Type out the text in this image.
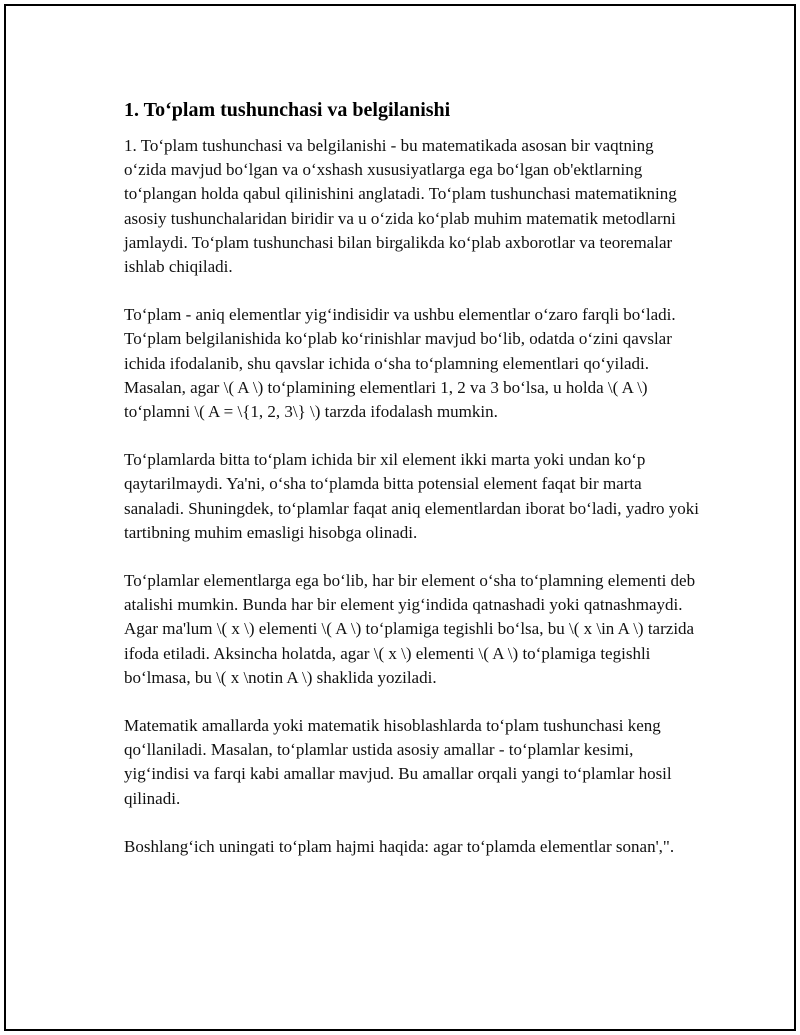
1. To‘plam tushunchasi va belgilanishi

1. To‘plam tushunchasi va belgilanishi - bu matematikada asosan bir vaqtning o‘zida mavjud bo‘lgan va o‘xshash xususiyatlarga ega bo‘lgan ob'ektlarning to‘plangan holda qabul qilinishini anglatadi. To‘plam tushunchasi matematikning asosiy tushunchalaridan biridir va u o‘zida ko‘plab muhim matematik metodlarni jamlaydi. To‘plam tushunchasi bilan birgalikda ko‘plab axborotlar va teoremalar ishlab chiqiladi.

To‘plam - aniq elementlar yig‘indisidir va ushbu elementlar o‘zaro farqli bo‘ladi. To‘plam belgilanishida ko‘plab ko‘rinishlar mavjud bo‘lib, odatda o‘zini qavslar ichida ifodalanib, shu qavslar ichida o‘sha to‘plamning elementlari qo‘yiladi. Masalan, agar \( A \) to‘plamining elementlari 1, 2 va 3 bo‘lsa, u holda \( A \) to‘plamni \( A = \{1, 2, 3\} \) tarzda ifodalash mumkin.

To‘plamlarda bitta to‘plam ichida bir xil element ikki marta yoki undan ko‘p qaytarilmaydi. Ya'ni, o‘sha to‘plamda bitta potensial element faqat bir marta sanaladi. Shuningdek, to‘plamlar faqat aniq elementlardan iborat bo‘ladi, yadro yoki tartibning muhim emasligi hisobga olinadi.

To‘plamlar elementlarga ega bo‘lib, har bir element o‘sha to‘plamning elementi deb atalishi mumkin. Bunda har bir element yig‘indida qatnashadi yoki qatnashmaydi. Agar ma'lum \( x \) elementi \( A \) to‘plamiga tegishli bo‘lsa, bu \( x \in A \) tarzida ifoda etiladi. Aksincha holatda, agar \( x \) elementi \( A \) to‘plamiga tegishli bo‘lmasa, bu \( x \notin A \) shaklida yoziladi.

Matematik amallarda yoki matematik hisoblashlarda to‘plam tushunchasi keng qo‘llaniladi. Masalan, to‘plamlar ustida asosiy amallar - to‘plamlar kesimi, yig‘indisi va farqi kabi amallar mavjud. Bu amallar orqali yangi to‘plamlar hosil qilinadi.

Boshlang‘ich uningati to‘plam hajmi haqida: agar to‘plamda elementlar sonan',".
